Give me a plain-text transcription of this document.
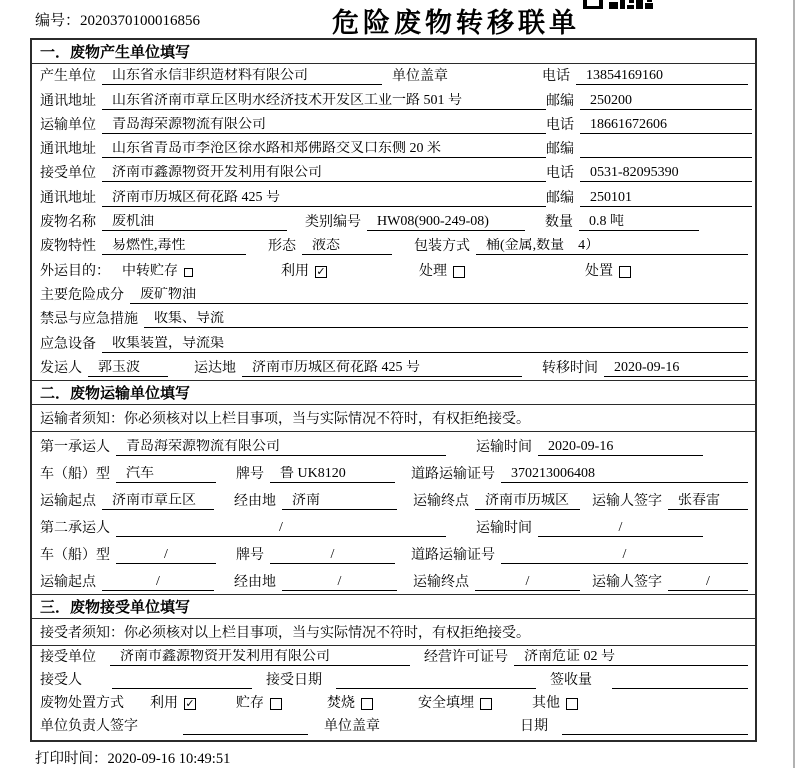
编号：2020370100016856	危险废物转移联单
一．废物产生单位填写
产生单位	山东省永信非织造材料有限公司	单位盖章	电话	13854169160
通讯地址	山东省济南市章丘区明水经济技术开发区工业一路 501 号	邮编	250200
运输单位	青岛海荣源物流有限公司	电话	18661672606
通讯地址	山东省青岛市李沧区徐水路和郑佛路交叉口东侧 20 米	邮编
接受单位	济南市鑫源物资开发利用有限公司	电话	0531-82095390
通讯地址	济南市历城区荷花路 425 号	邮编	250101
废物名称	废机油	类别编号	HW08(900-249-08)	数量	0.8 吨
废物特性	易燃性,毒性	形态	液态	包装方式	桶(金属,数量　4）
外运目的： 中转贮存	利用 ✓	处理	处置
主要危险成分	废矿物油
禁忌与应急措施	收集、导流
应急设备	收集装置，导流渠
发运人	郭玉波	运达地	济南市历城区荷花路 425 号	转移时间	2020-09-16
二．废物运输单位填写
运输者须知：你必须核对以上栏目事项，当与实际情况不符时，有权拒绝接受。
第一承运人	青岛海荣源物流有限公司	运输时间	2020-09-16
车（船）型	汽车	牌号	鲁 UK8120	道路运输证号	370213006408
运输起点	济南市章丘区	经由地	济南	运输终点	济南市历城区	运输人签字	张春雷
第二承运人	/	运输时间	/
车（船）型	/	牌号	/	道路运输证号	/
运输起点	/	经由地	/	运输终点	/	运输人签字	/
三．废物接受单位填写
接受者须知：你必须核对以上栏目事项，当与实际情况不符时，有权拒绝接受。
接受单位	济南市鑫源物资开发利用有限公司	经营许可证号	济南危证 02 号
接受人	接受日期	签收量
废物处置方式 利用 ✓	贮存	焚烧	安全填埋	其他
单位负责人签字	单位盖章	日期
打印时间：2020-09-16 10:49:51
